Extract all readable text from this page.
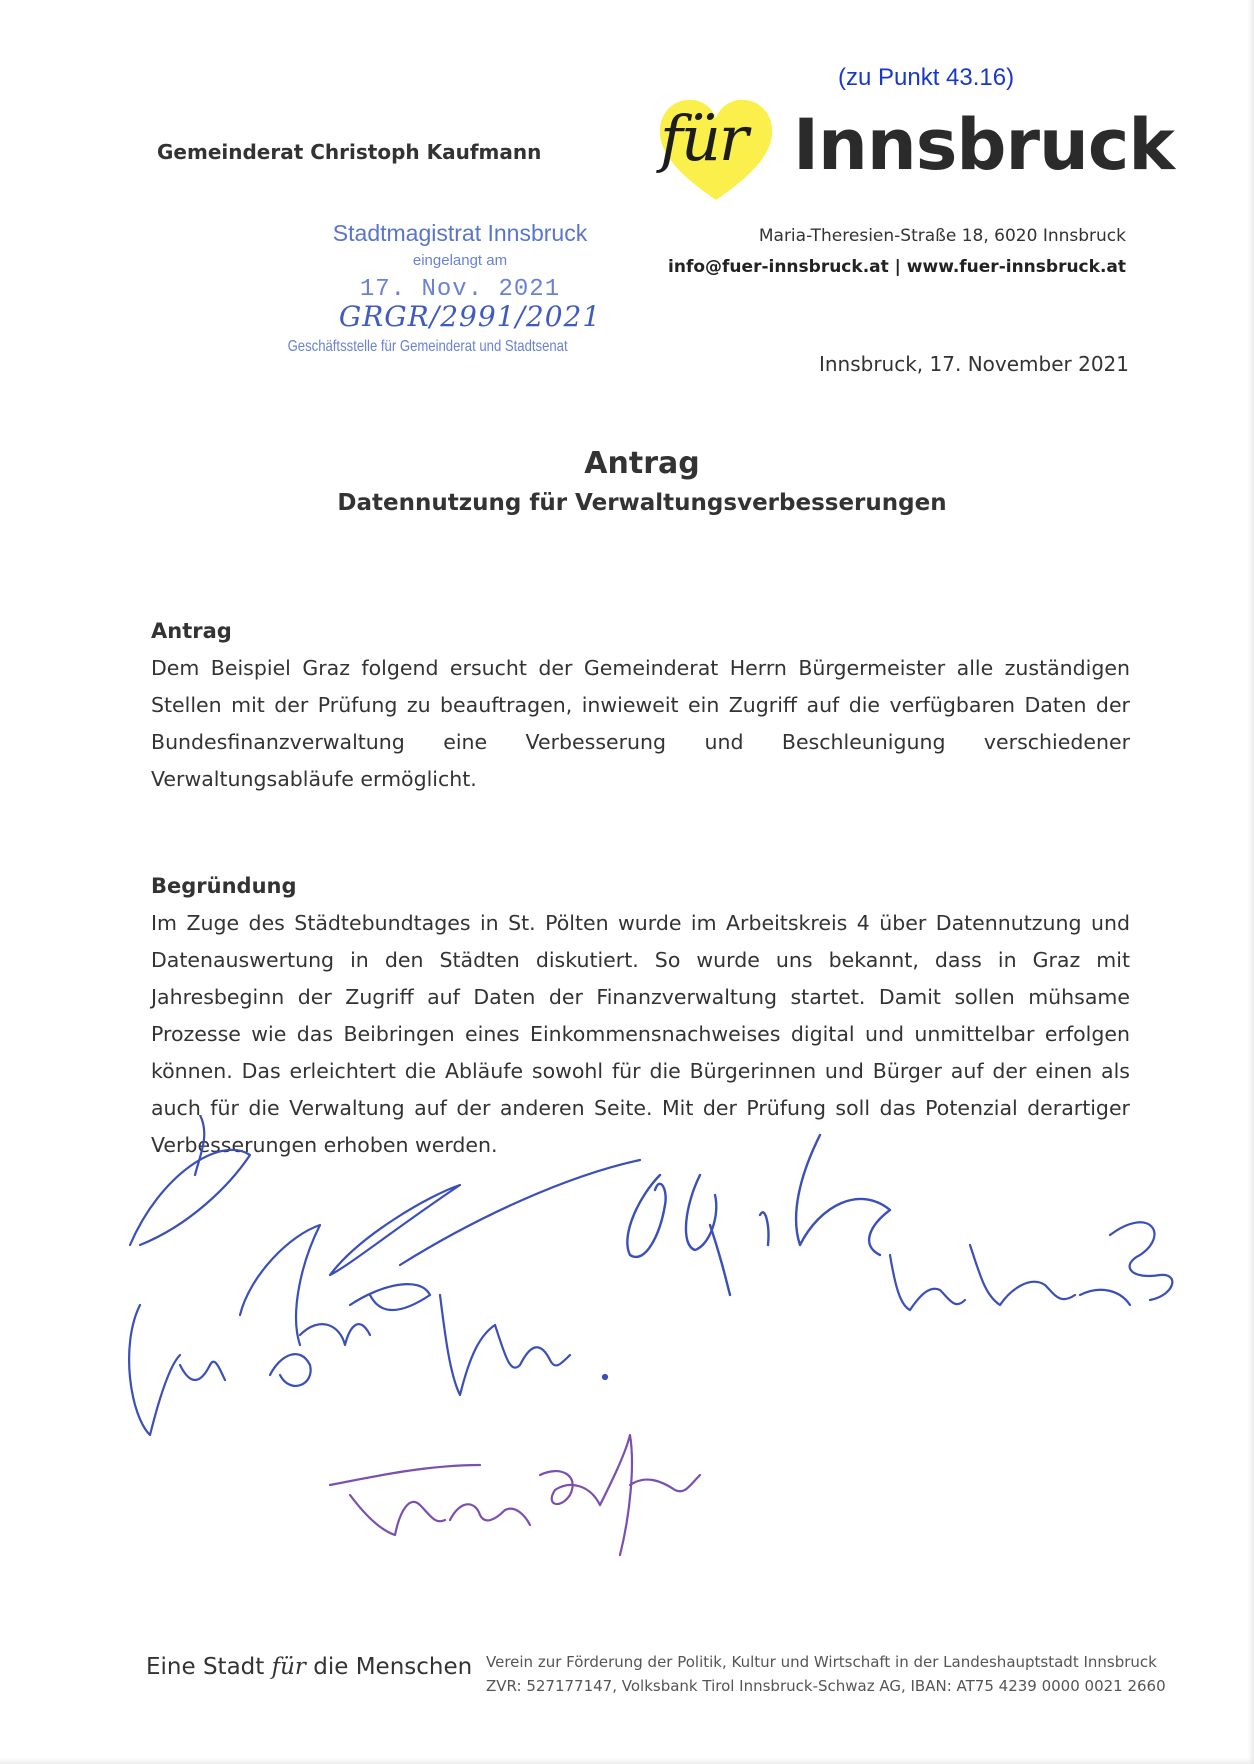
(zu Punkt 43.16)
Gemeinderat Christoph Kaufmann für Innsbruck
Maria-Theresien-Straße 18, 6020 Innsbruck
info@fuer-innsbruck.at | www.fuer-innsbruck.at
Stadtmagistrat Innsbruck
eingelangt am
17. Nov. 2021
GRGR/2991/2021
Geschäftsstelle für Gemeinderat und Stadtsenat
Innsbruck, 17. November 2021
Antrag
Datennutzung für Verwaltungsverbesserungen
Antrag

Dem Beispiel Graz folgend ersucht der Gemeinderat Herrn Bürgermeister alle zuständigen Stellen mit der Prüfung zu beauftragen, inwieweit ein Zugriff auf die verfügbaren Daten der Bundesfinanzverwaltung eine Verbesserung und Beschleunigung verschiedener Verwaltungsabläufe ermöglicht.

Begründung

Im Zuge des Städtebundtages in St. Pölten wurde im Arbeitskreis 4 über Datennutzung und Datenauswertung in den Städten diskutiert. So wurde uns bekannt, dass in Graz mit Jahresbeginn der Zugriff auf Daten der Finanzverwaltung startet. Damit sollen mühsame Prozesse wie das Beibringen eines Einkommensnachweises digital und unmittelbar erfolgen können. Das erleichtert die Abläufe sowohl für die Bürgerinnen und Bürger auf der einen als auch für die Verwaltung auf der anderen Seite. Mit der Prüfung soll das Potenzial derartiger Verbesserungen erhoben werden.

Eine Stadt für die Menschen Verein zur Förderung der Politik, Kultur und Wirtschaft in der Landeshauptstadt Innsbruck
ZVR: 527177147, Volksbank Tirol Innsbruck-Schwaz AG, IBAN: AT75 4239 0000 0021 2660
